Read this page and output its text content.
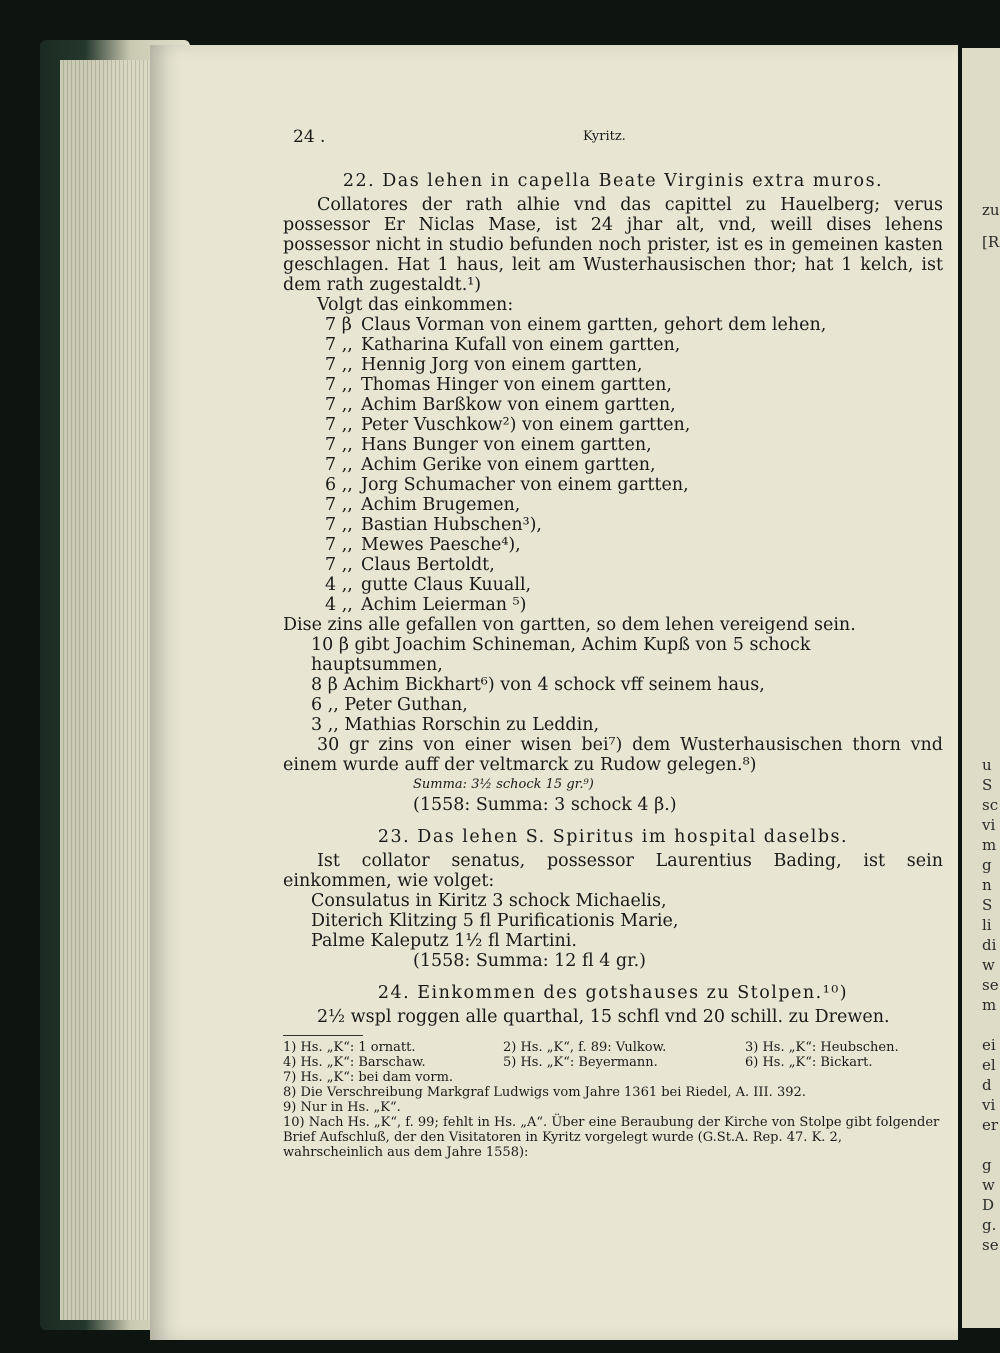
zu
[R
u
S
sc
vi
m
g
n
S
li
di
w
se
m
ei
el
d
vi
er
g
w
D
g.
se
24 .	Kyritz.
22. Das lehen in capella Beate Virginis extra muros.
Collatores der rath alhie vnd das capittel zu Hauelberg; verus possessor Er Niclas Mase, ist 24 jhar alt, vnd, weill dises lehens possessor nicht in studio befunden noch prister, ist es in gemeinen kasten geschlagen. Hat 1 haus, leit am Wusterhausischen thor; hat 1 kelch, ist dem rath zugestaldt.¹)
Volgt das einkommen:
7 β Claus Vorman von einem gartten, gehort dem lehen,
7 ,, Katharina Kufall von einem gartten,
7 ,, Hennig Jorg von einem gartten,
7 ,, Thomas Hinger von einem gartten,
7 ,, Achim Barßkow von einem gartten,
7 ,, Peter Vuschkow²) von einem gartten,
7 ,, Hans Bunger von einem gartten,
7 ,, Achim Gerike von einem gartten,
6 ,, Jorg Schumacher von einem gartten,
7 ,, Achim Brugemen,
7 ,, Bastian Hubschen³),
7 ,, Mewes Paesche⁴),
7 ,, Claus Bertoldt,
4 ,, gutte Claus Kuuall,
4 ,, Achim Leierman ⁵)
Dise zins alle gefallen von gartten, so dem lehen vereigend sein.
10 β gibt Joachim Schineman, Achim Kupß von 5 schock hauptsummen,
8 β Achim Bickhart⁶) von 4 schock vff seinem haus,
6 ,, Peter Guthan,
3 ,, Mathias Rorschin zu Leddin,
30 gr zins von einer wisen bei⁷) dem Wusterhausischen thorn vnd einem wurde auff der veltmarck zu Rudow gelegen.⁸)
Summa: 3½ schock 15 gr.⁹)
(1558: Summa: 3 schock 4 β.)
23. Das lehen S. Spiritus im hospital daselbs.
Ist collator senatus, possessor Laurentius Bading, ist sein einkommen, wie volget:
Consulatus in Kiritz 3 schock Michaelis,
Diterich Klitzing 5 fl Purificationis Marie,
Palme Kaleputz 1½ fl Martini.
(1558: Summa: 12 fl 4 gr.)
24. Einkommen des gotshauses zu Stolpen.¹⁰)
2½ wspl roggen alle quarthal, 15 schfl vnd 20 schill. zu Drewen.
1) Hs. „K“: 1 ornatt.	2) Hs. „K“, f. 89: Vulkow.	3) Hs. „K“: Heubschen.
4) Hs. „K“: Barschaw.	5) Hs. „K“: Beyermann.	6) Hs. „K“: Bickart.
7) Hs. „K“: bei dam vorm.
8) Die Verschreibung Markgraf Ludwigs vom Jahre 1361 bei Riedel, A. III. 392.
9) Nur in Hs. „K“.
10) Nach Hs. „K“, f. 99; fehlt in Hs. „A“. Über eine Beraubung der Kirche von Stolpe gibt folgender Brief Aufschluß, der den Visitatoren in Kyritz vorgelegt wurde (G.St.A. Rep. 47. K. 2, wahrscheinlich aus dem Jahre 1558):
